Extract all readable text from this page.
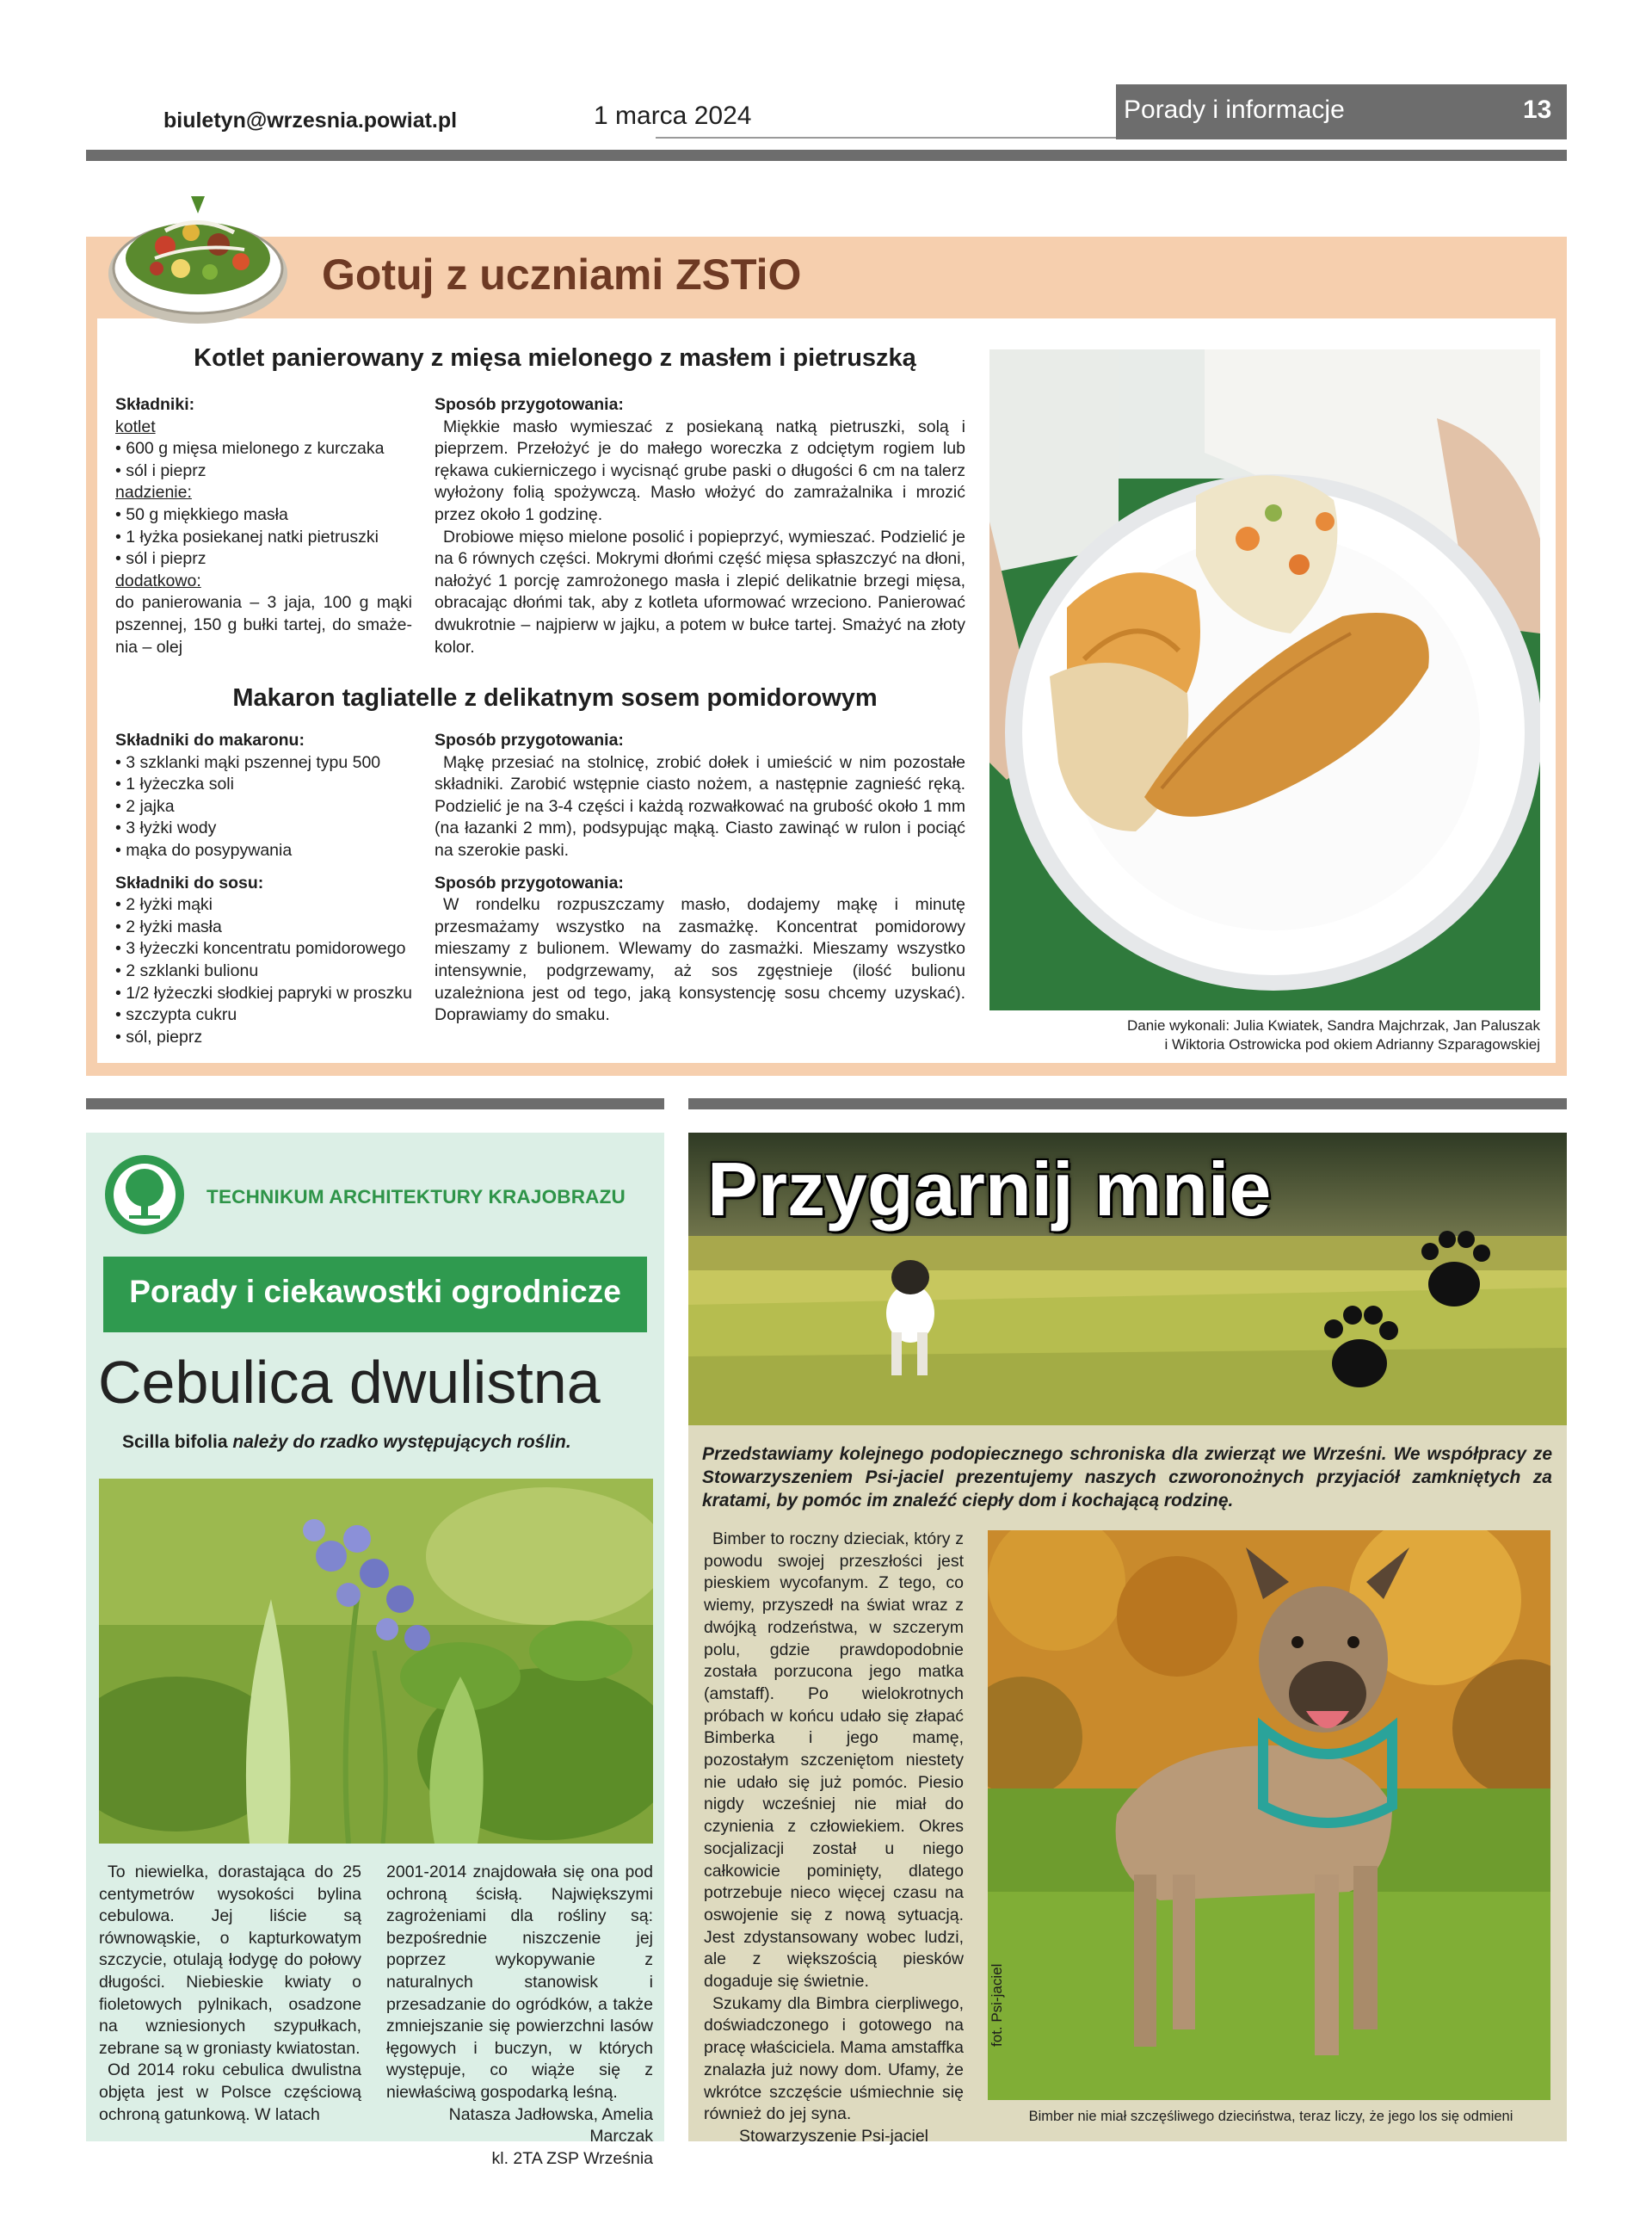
biuletyn@wrzesnia.powiat.pl	1 marca 2024	Porady i informacje	13
Gotuj z uczniami ZSTiO
Kotlet panierowany z mięsa mielonego z masłem i pietruszką
Składniki:
kotlet
• 600 g mięsa mielonego z kurczaka
• sól i pieprz
nadzienie:
• 50 g miękkiego masła
• 1 łyżka posiekanej natki pietruszki
• sól i pieprz
dodatkowo:
do panierowania – 3 jaja, 100 g mąki pszennej, 150 g bułki tartej, do smaże-nia – olej
Sposób przygotowania:
Miękkie masło wymieszać z posiekaną natką pietruszki, solą i pieprzem. Przełożyć je do małego woreczka z odciętym rogiem lub rękawa cukierniczego i wycisnąć grube paski o długości 6 cm na talerz wyłożony folią spożywczą. Masło włożyć do zamrażalnika i mrozić przez około 1 godzinę.
Drobiowe mięso mielone posolić i popieprzyć, wymieszać. Podzielić je na 6 równych części. Mokrymi dłońmi część mięsa spłaszczyć na dłoni, nałożyć 1 porcję zamrożonego masła i zlepić delikatnie brzegi mięsa, obracając dłońmi tak, aby z kotleta uformować wrzeciono. Panierować dwukrotnie – najpierw w jajku, a potem w bułce tartej. Smażyć na złoty kolor.
Makaron tagliatelle z delikatnym sosem pomidorowym
Składniki do makaronu:
• 3 szklanki mąki pszennej typu 500
• 1 łyżeczka soli
• 2 jajka
• 3 łyżki wody
• mąka do posypywania
Składniki do sosu:
• 2 łyżki mąki
• 2 łyżki masła
• 3 łyżeczki koncentratu pomidorowego
• 2 szklanki bulionu
• 1/2 łyżeczki słodkiej papryki w proszku
• szczypta cukru
• sól, pieprz
Sposób przygotowania:
Mąkę przesiać na stolnicę, zrobić dołek i umieścić w nim pozostałe składniki. Zarobić wstępnie ciasto nożem, a następnie zagnieść ręką. Podzielić je na 3-4 części i każdą rozwałkować na grubość około 1 mm (na łazanki 2 mm), podsypując mąką. Ciasto zawinąć w rulon i pociąć na szerokie paski.
Sposób przygotowania:
W rondelku rozpuszczamy masło, dodajemy mąkę i minutę przesmażamy wszystko na zasmażkę. Koncentrat pomidorowy mieszamy z bulionem. Wlewamy do zasmażki. Mieszamy wszystko intensywnie, podgrzewamy, aż sos zgęstnieje (ilość bulionu uzależniona jest od tego, jaką konsystencję sosu chcemy uzyskać). Doprawiamy do smaku.
Danie wykonali: Julia Kwiatek, Sandra Majchrzak, Jan Paluszak
i Wiktoria Ostrowicka pod okiem Adrianny Szparagowskiej
TECHNIKUM ARCHITEKTURY KRAJOBRAZU
Porady i ciekawostki ogrodnicze
Cebulica dwulistna
Scilla bifolia należy do rzadko występujących roślin.
To niewielka, dorastająca do 25 centymetrów wysokości bylina cebulowa. Jej liście są równowąskie, o kapturkowatym szczycie, otulają łodygę do połowy długości. Niebieskie kwiaty o fioletowych pylnikach, osadzone na wzniesionych szypułkach, zebrane są w groniasty kwiatostan.
Od 2014 roku cebulica dwulistna objęta jest w Polsce częściową ochroną gatunkową. W latach
2001-2014 znajdowała się ona pod ochroną ścisłą. Największymi zagrożeniami dla rośliny są: bezpośrednie niszczenie jej poprzez wykopywanie z naturalnych stanowisk i przesadzanie do ogródków, a także zmniejszanie się powierzchni lasów łęgowych i buczyn, w których występuje, co wiąże się z niewłaściwą gospodarką leśną.
Natasza Jadłowska, Amelia Marczak
kl. 2TA ZSP Września
Przygarnij mnie
Przedstawiamy kolejnego podopiecznego schroniska dla zwierząt we Wrześni. We współpracy ze Stowarzyszeniem Psi-jaciel prezentujemy naszych czworonożnych przyjaciół zamkniętych za kratami, by pomóc im znaleźć ciepły dom i kochającą rodzinę.
Bimber to roczny dzieciak, który z powodu swojej przeszłości jest pieskiem wycofanym. Z tego, co wiemy, przyszedł na świat wraz z dwójką rodzeństwa, w szczerym polu, gdzie prawdopodobnie została porzucona jego matka (amstaff). Po wielokrotnych próbach w końcu udało się złapać Bimberka i jego mamę, pozostałym szczeniętom niestety nie udało się już pomóc. Piesio nigdy wcześniej nie miał do czynienia z człowiekiem. Okres socjalizacji został u niego całkowicie pominięty, dlatego potrzebuje nieco więcej czasu na oswojenie się z nową sytuacją. Jest zdystansowany wobec ludzi, ale z większością piesków dogaduje się świetnie.
Szukamy dla Bimbra cierpliwego, doświadczonego i gotowego na pracę właściciela. Mama amstaffka znalazła już nowy dom. Ufamy, że wkrótce szczęście uśmiechnie się również do jej syna.
Stowarzyszenie Psi-jaciel
fot. Psi-jaciel
Bimber nie miał szczęśliwego dzieciństwa, teraz liczy, że jego los się odmieni
